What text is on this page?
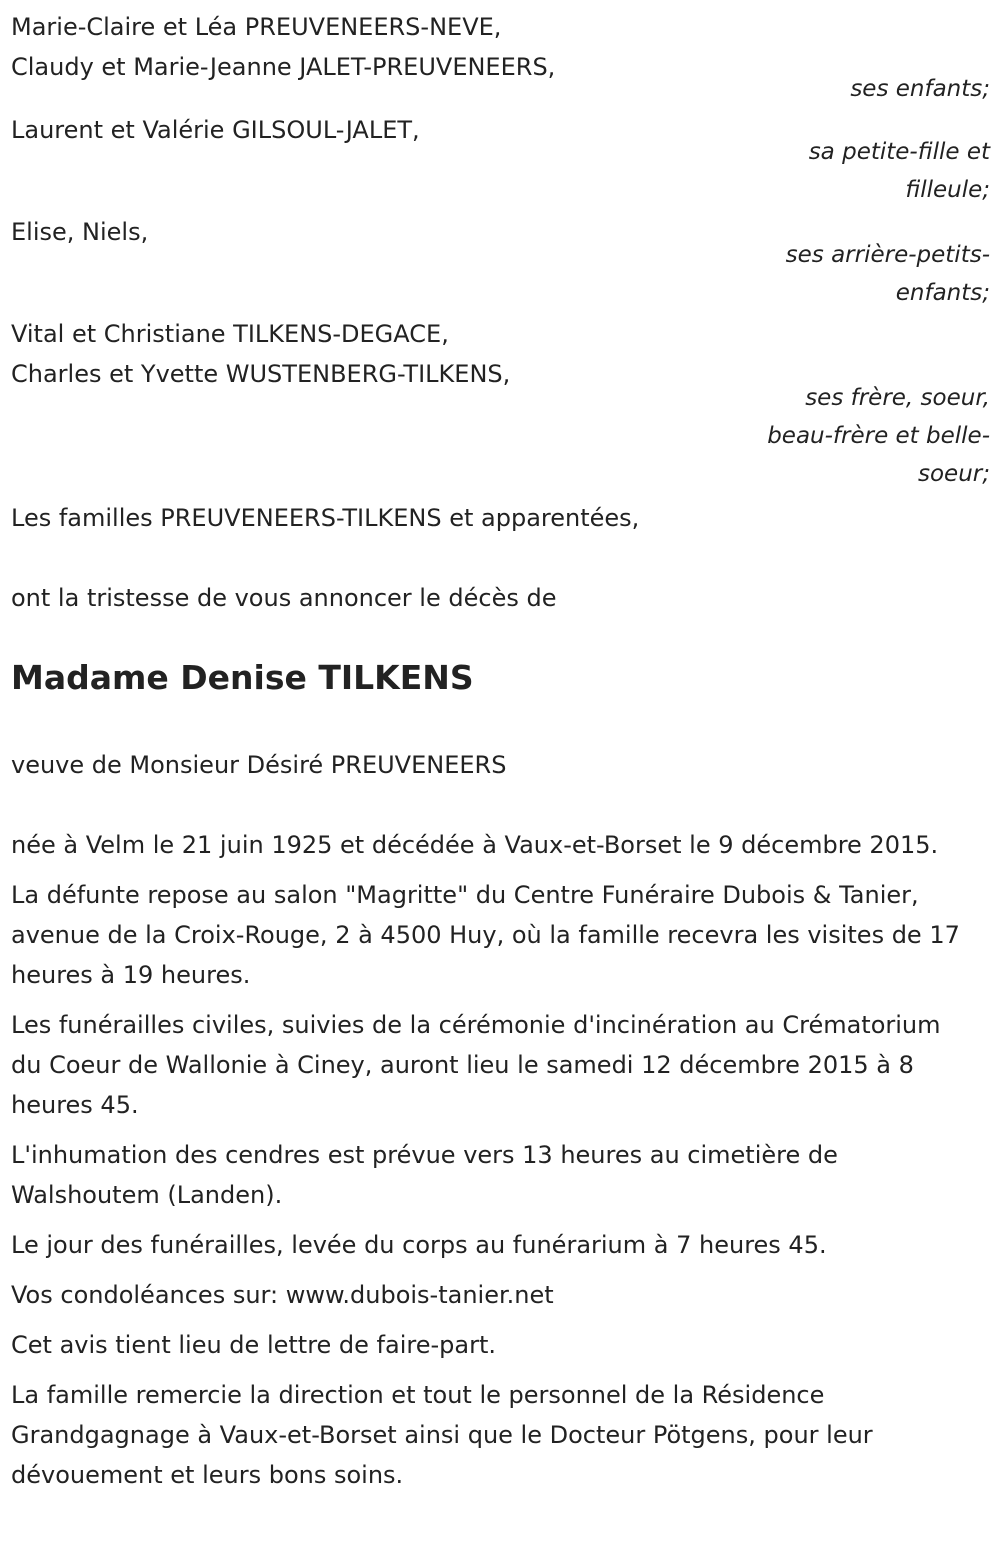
Marie-Claire et Léa PREUVENEERS-NEVE,
Claudy et Marie-Jeanne JALET-PREUVENEERS,
ses enfants;
Laurent et Valérie GILSOUL-JALET,
sa petite-fille et
filleule;
Elise, Niels,
ses arrière-petits-
enfants;
Vital et Christiane TILKENS-DEGACE,
Charles et Yvette WUSTENBERG-TILKENS,
ses frère, soeur,
beau-frère et belle-
soeur;
Les familles PREUVENEERS-TILKENS et apparentées,
ont la tristesse de vous annoncer le décès de
Madame Denise TILKENS
veuve de Monsieur Désiré PREUVENEERS
née à Velm le 21 juin 1925 et décédée à Vaux-et-Borset le 9 décembre 2015.
La défunte repose au salon "Magritte" du Centre Funéraire Dubois & Tanier, avenue de la Croix-Rouge, 2 à 4500 Huy, où la famille recevra les visites de 17 heures à 19 heures.
Les funérailles civiles, suivies de la cérémonie d'incinération au Crématorium du Coeur de Wallonie à Ciney, auront lieu le samedi 12 décembre 2015 à 8 heures 45.
L'inhumation des cendres est prévue vers 13 heures au cimetière de Walshoutem (Landen).
Le jour des funérailles, levée du corps au funérarium à 7 heures 45.
Vos condoléances sur: www.dubois-tanier.net
Cet avis tient lieu de lettre de faire-part.
La famille remercie la direction et tout le personnel de la Résidence Grandgagnage à Vaux-et-Borset ainsi que le Docteur Pötgens, pour leur dévouement et leurs bons soins.
